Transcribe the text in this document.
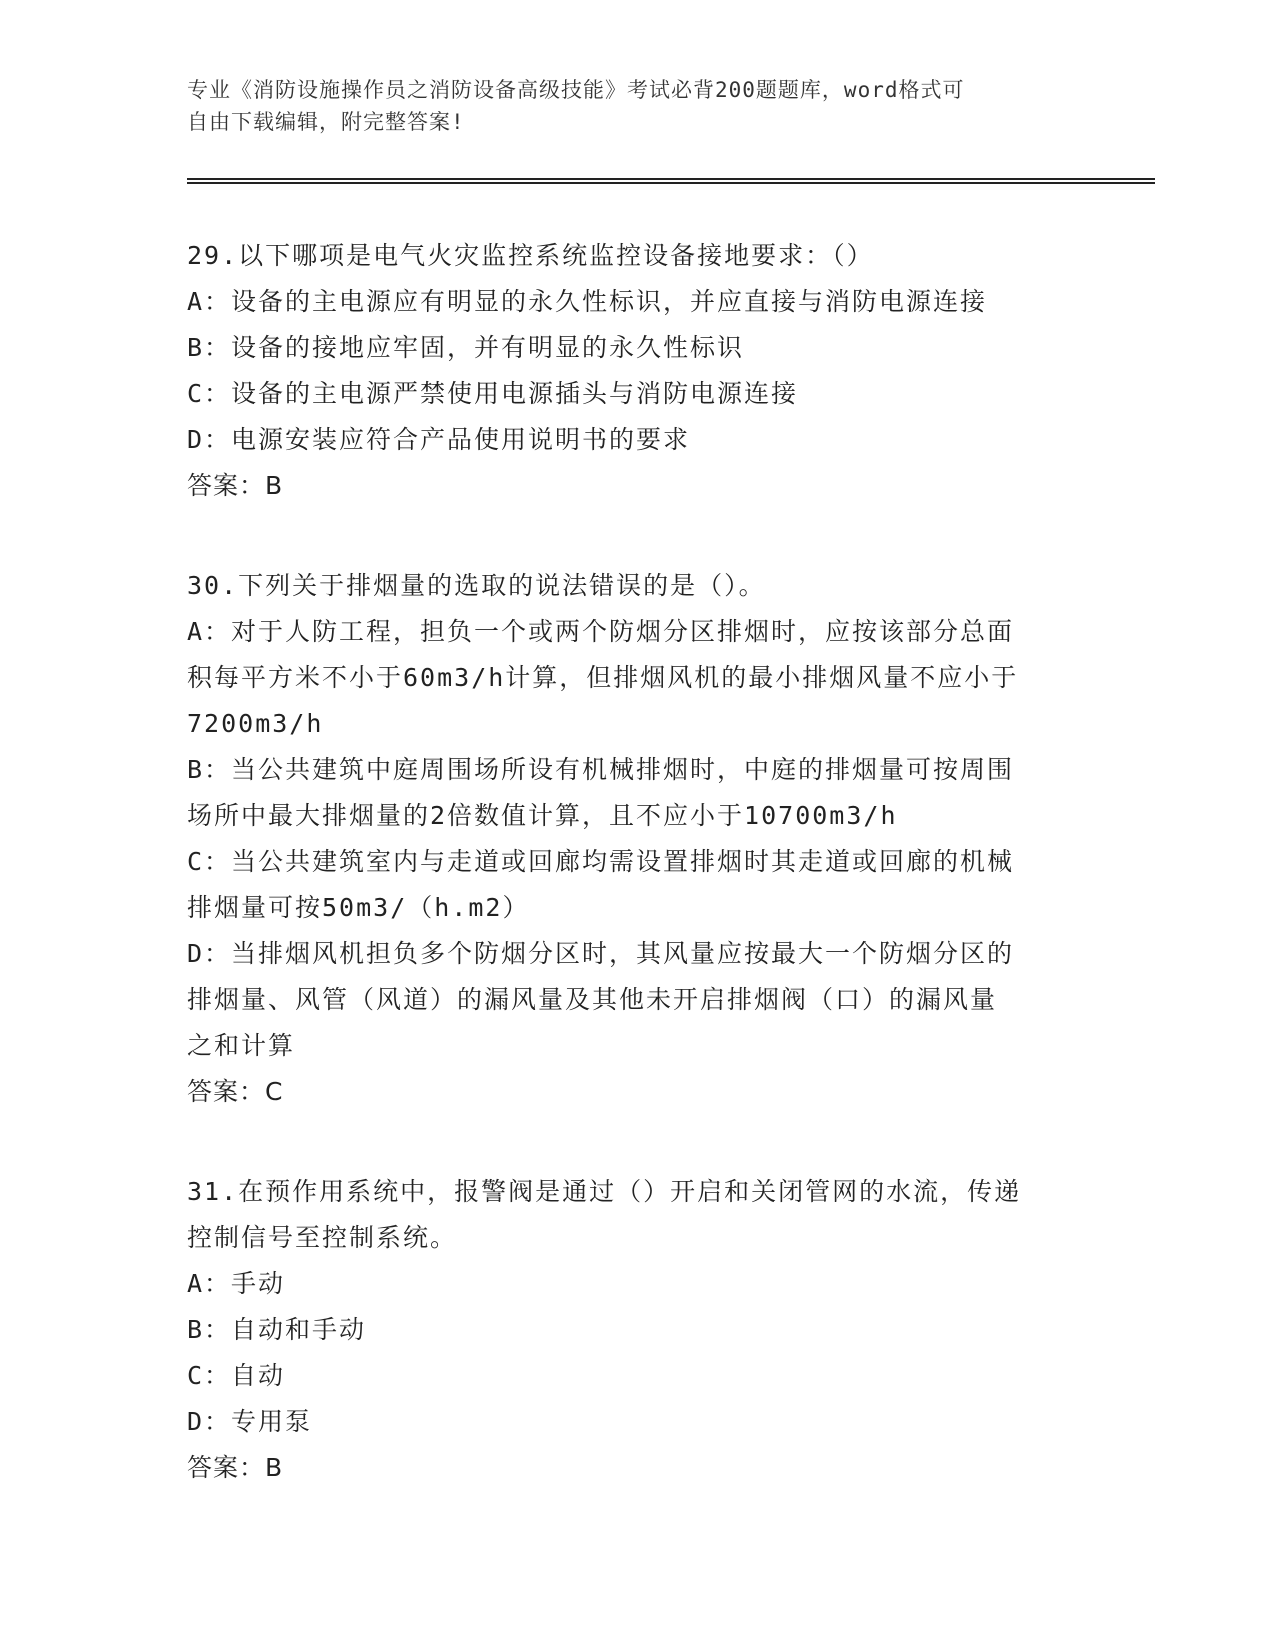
专业《消防设施操作员之消防设备高级技能》考试必背200题题库，word格式可
自由下载编辑，附完整答案!

29.以下哪项是电气火灾监控系统监控设备接地要求：（）

A：设备的主电源应有明显的永久性标识，并应直接与消防电源连接

B：设备的接地应牢固，并有明显的永久性标识

C：设备的主电源严禁使用电源插头与消防电源连接

D：电源安装应符合产品使用说明书的要求

答案：B

30.下列关于排烟量的选取的说法错误的是（）。

A：对于人防工程，担负一个或两个防烟分区排烟时，应按该部分总面

积每平方米不小于60m3/h计算，但排烟风机的最小排烟风量不应小于

7200m3/h

B：当公共建筑中庭周围场所设有机械排烟时，中庭的排烟量可按周围

场所中最大排烟量的2倍数值计算，且不应小于10700m3/h

C：当公共建筑室内与走道或回廊均需设置排烟时其走道或回廊的机械

排烟量可按50m3/（h.m2）

D：当排烟风机担负多个防烟分区时，其风量应按最大一个防烟分区的

排烟量、风管（风道）的漏风量及其他未开启排烟阀（口）的漏风量

之和计算

答案：C

31.在预作用系统中，报警阀是通过（）开启和关闭管网的水流，传递

控制信号至控制系统。

A：手动

B：自动和手动

C：自动

D：专用泵

答案：B
